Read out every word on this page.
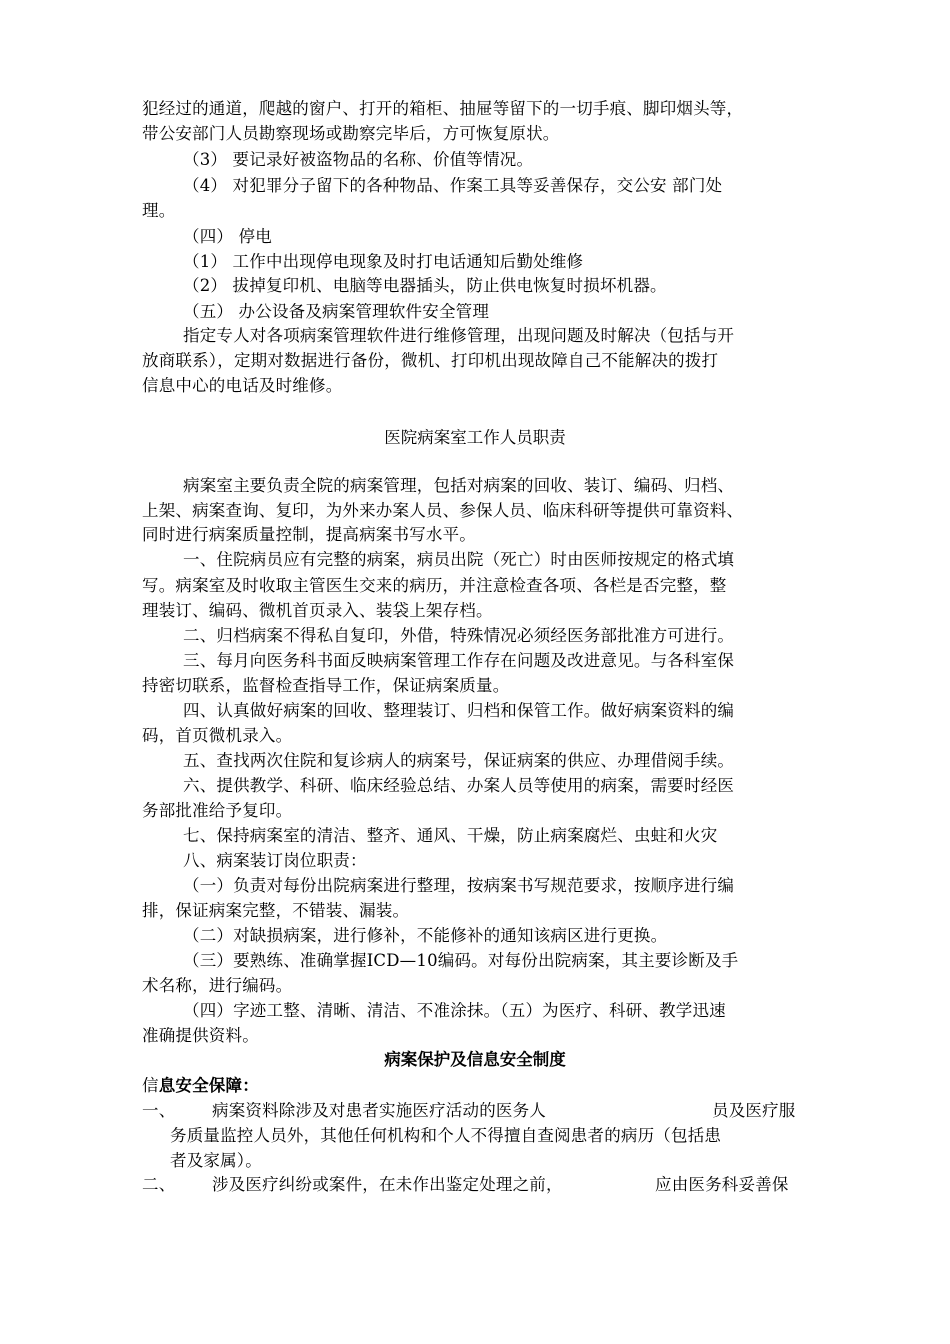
犯经过的通道，爬越的窗户、打开的箱柜、抽屉等留下的一切手痕、脚印烟头等，
带公安部门人员勘察现场或勘察完毕后，方可恢复原状。
（3） 要记录好被盗物品的名称、价值等情况。
（4） 对犯罪分子留下的各种物品、作案工具等妥善保存，交公安 部门处
理。
（四） 停电
（1） 工作中出现停电现象及时打电话通知后勤处维修
（2） 拔掉复印机、电脑等电器插头，防止供电恢复时损坏机器。
（五） 办公设备及病案管理软件安全管理
指定专人对各项病案管理软件进行维修管理，出现问题及时解决（包括与开
放商联系），定期对数据进行备份，微机、打印机出现故障自己不能解决的拨打
信息中心的电话及时维修。
医院病案室工作人员职责
病案室主要负责全院的病案管理，包括对病案的回收、装订、编码、归档、
上架、病案查询、复印，为外来办案人员、参保人员、临床科研等提供可靠资料、
同时进行病案质量控制，提高病案书写水平。
一、住院病员应有完整的病案，病员出院（死亡）时由医师按规定的格式填
写。病案室及时收取主管医生交来的病历，并注意检查各项、各栏是否完整，整
理装订、编码、微机首页录入、装袋上架存档。
二、归档病案不得私自复印，外借，特殊情况必须经医务部批准方可进行。
三、每月向医务科书面反映病案管理工作存在问题及改进意见。与各科室保
持密切联系，监督检查指导工作，保证病案质量。
四、认真做好病案的回收、整理装订、归档和保管工作。做好病案资料的编
码，首页微机录入。
五、查找两次住院和复诊病人的病案号，保证病案的供应、办理借阅手续。
六、提供教学、科研、临床经验总结、办案人员等使用的病案，需要时经医
务部批准给予复印。
七、保持病案室的清洁、整齐、通风、干燥，防止病案腐烂、虫蛀和火灾
八、病案装订岗位职责：
（一）负责对每份出院病案进行整理，按病案书写规范要求，按顺序进行编
排，保证病案完整，不错装、漏装。
（二）对缺损病案，进行修补，不能修补的通知该病区进行更换。
（三）要熟练、准确掌握ICD—10编码。对每份出院病案，其主要诊断及手
术名称，进行编码。
（四）字迹工整、清晰、清洁、不准涂抹。（五）为医疗、科研、教学迅速
准确提供资料。
病案保护及信息安全制度
信息安全保障：
一、 病案资料除涉及对患者实施医疗活动的医务人	员及医疗服
务质量监控人员外，其他任何机构和个人不得擅自查阅患者的病历（包括患
者及家属）。
二、 涉及医疗纠纷或案件，在未作出鉴定处理之前，	应由医务科妥善保
